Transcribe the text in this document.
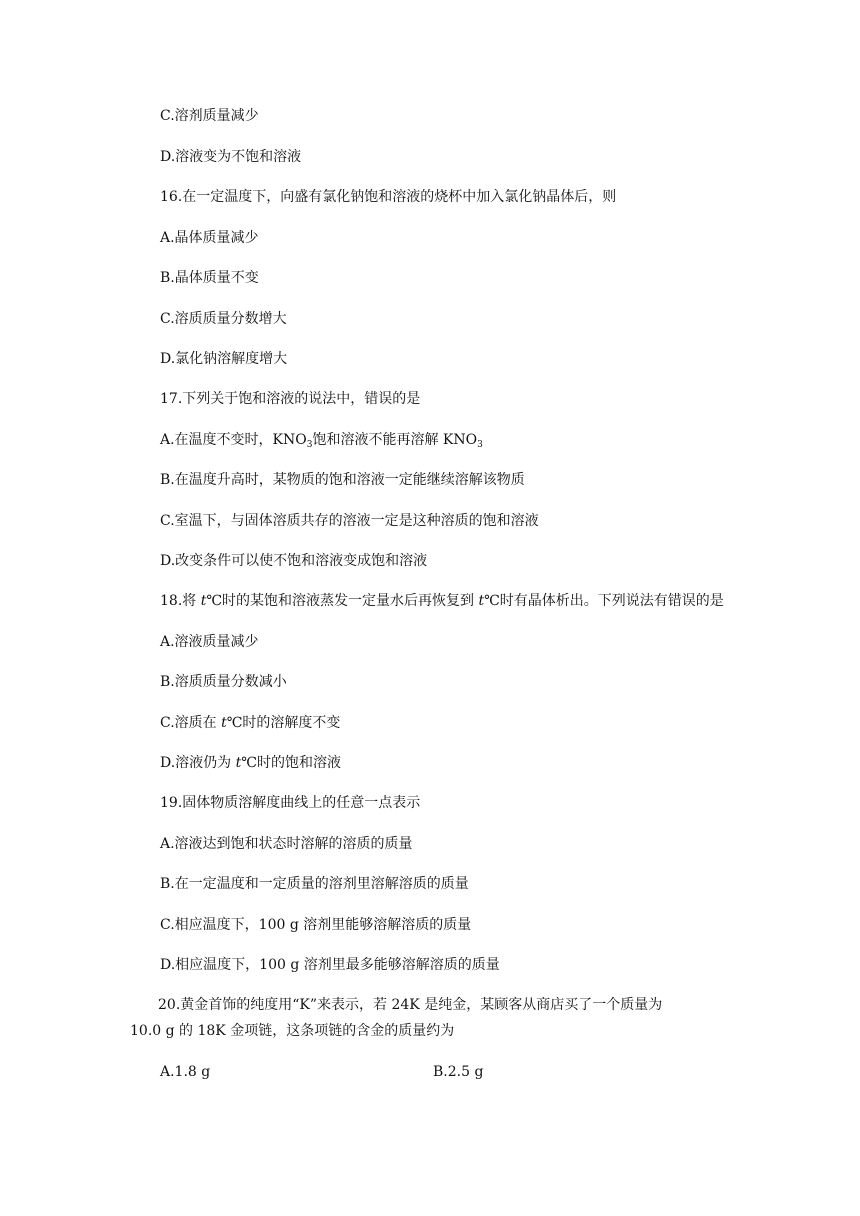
C.溶剂质量减少
D.溶液变为不饱和溶液
16.在一定温度下，向盛有氯化钠饱和溶液的烧杯中加入氯化钠晶体后，则
A.晶体质量减少
B.晶体质量不变
C.溶质质量分数增大
D.氯化钠溶解度增大
17.下列关于饱和溶液的说法中，错误的是
A.在温度不变时，$KNO_3$饱和溶液不能再溶解 $KNO_3$
B.在温度升高时，某物质的饱和溶液一定能继续溶解该物质
C.室温下，与固体溶质共存的溶液一定是这种溶质的饱和溶液
D.改变条件可以使不饱和溶液变成饱和溶液
18.将 t℃时的某饱和溶液蒸发一定量水后再恢复到 t℃时有晶体析出。下列说法有错误的是
A.溶液质量减少
B.溶质质量分数减小
C.溶质在 t℃时的溶解度不变
D.溶液仍为 t℃时的饱和溶液
19.固体物质溶解度曲线上的任意一点表示
A.溶液达到饱和状态时溶解的溶质的质量
B.在一定温度和一定质量的溶剂里溶解溶质的质量
C.相应温度下，100 g 溶剂里能够溶解溶质的质量
D.相应温度下，100 g 溶剂里最多能够溶解溶质的质量
20.黄金首饰的纯度用“K”来表示，若 24K 是纯金，某顾客从商店买了一个质量为
10.0 g 的 18K 金项链，这条项链的含金的质量约为
A.1.8 g	B.2.5 g
